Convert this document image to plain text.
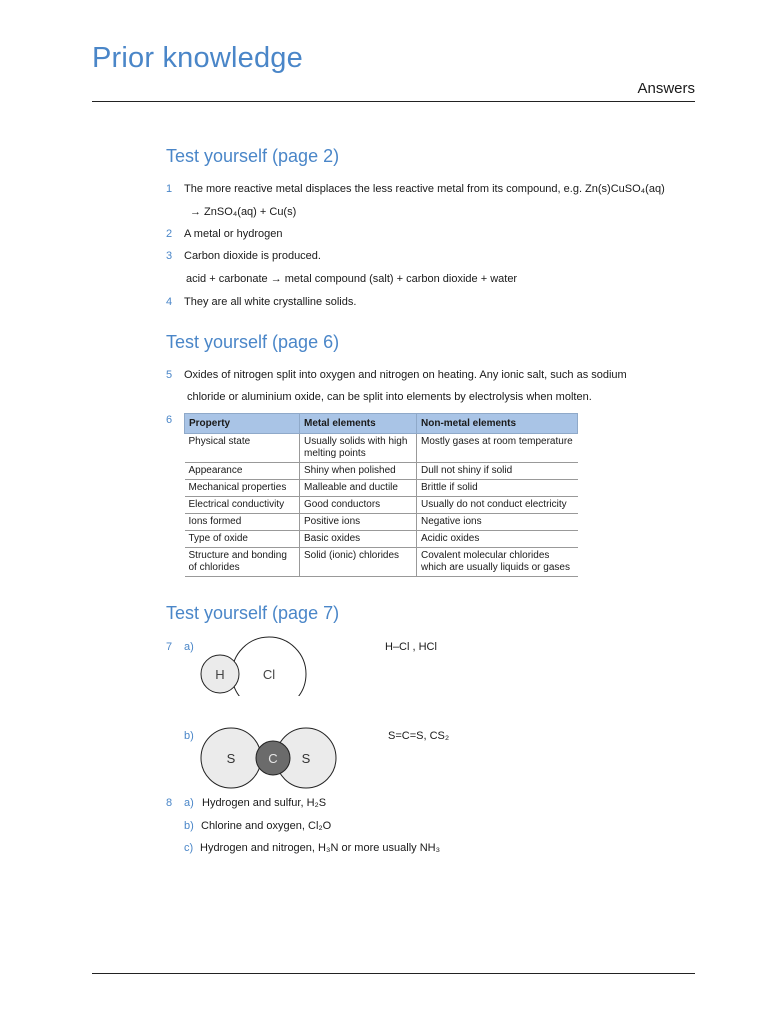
Prior knowledge
Answers
Test yourself (page 2)
1 The more reactive metal displaces the less reactive metal from its compound, e.g. Zn(s)CuSO₄(aq)
→ ZnSO₄(aq) + Cu(s)
2 A metal or hydrogen
3 Carbon dioxide is produced.
acid + carbonate → metal compound (salt) + carbon dioxide + water
4 They are all white crystalline solids.
Test yourself (page 6)
5 Oxides of nitrogen split into oxygen and nitrogen on heating. Any ionic salt, such as sodium
chloride or aluminium oxide, can be split into elements by electrolysis when molten.
6 Property	Metal elements	Non-metal elements
Physical state	Usually solids with high melting points	Mostly gases at room temperature
Appearance	Shiny when polished	Dull not shiny if solid
Mechanical properties	Malleable and ductile	Brittle if solid
Electrical conductivity	Good conductors	Usually do not conduct electricity
Ions formed	Positive ions	Negative ions
Type of oxide	Basic oxides	Acidic oxides
Structure and bonding of chlorides	Solid (ionic) chlorides	Covalent molecular chlorides which are usually liquids or gases
Test yourself (page 7)
7 a)
H	Cl
H–Cl , HCl
b)
S	C S
S=C=S, CS₂
8 a) Hydrogen and sulfur, H₂S
b) Chlorine and oxygen, Cl₂O
c) Hydrogen and nitrogen, H₃N or more usually NH₃
